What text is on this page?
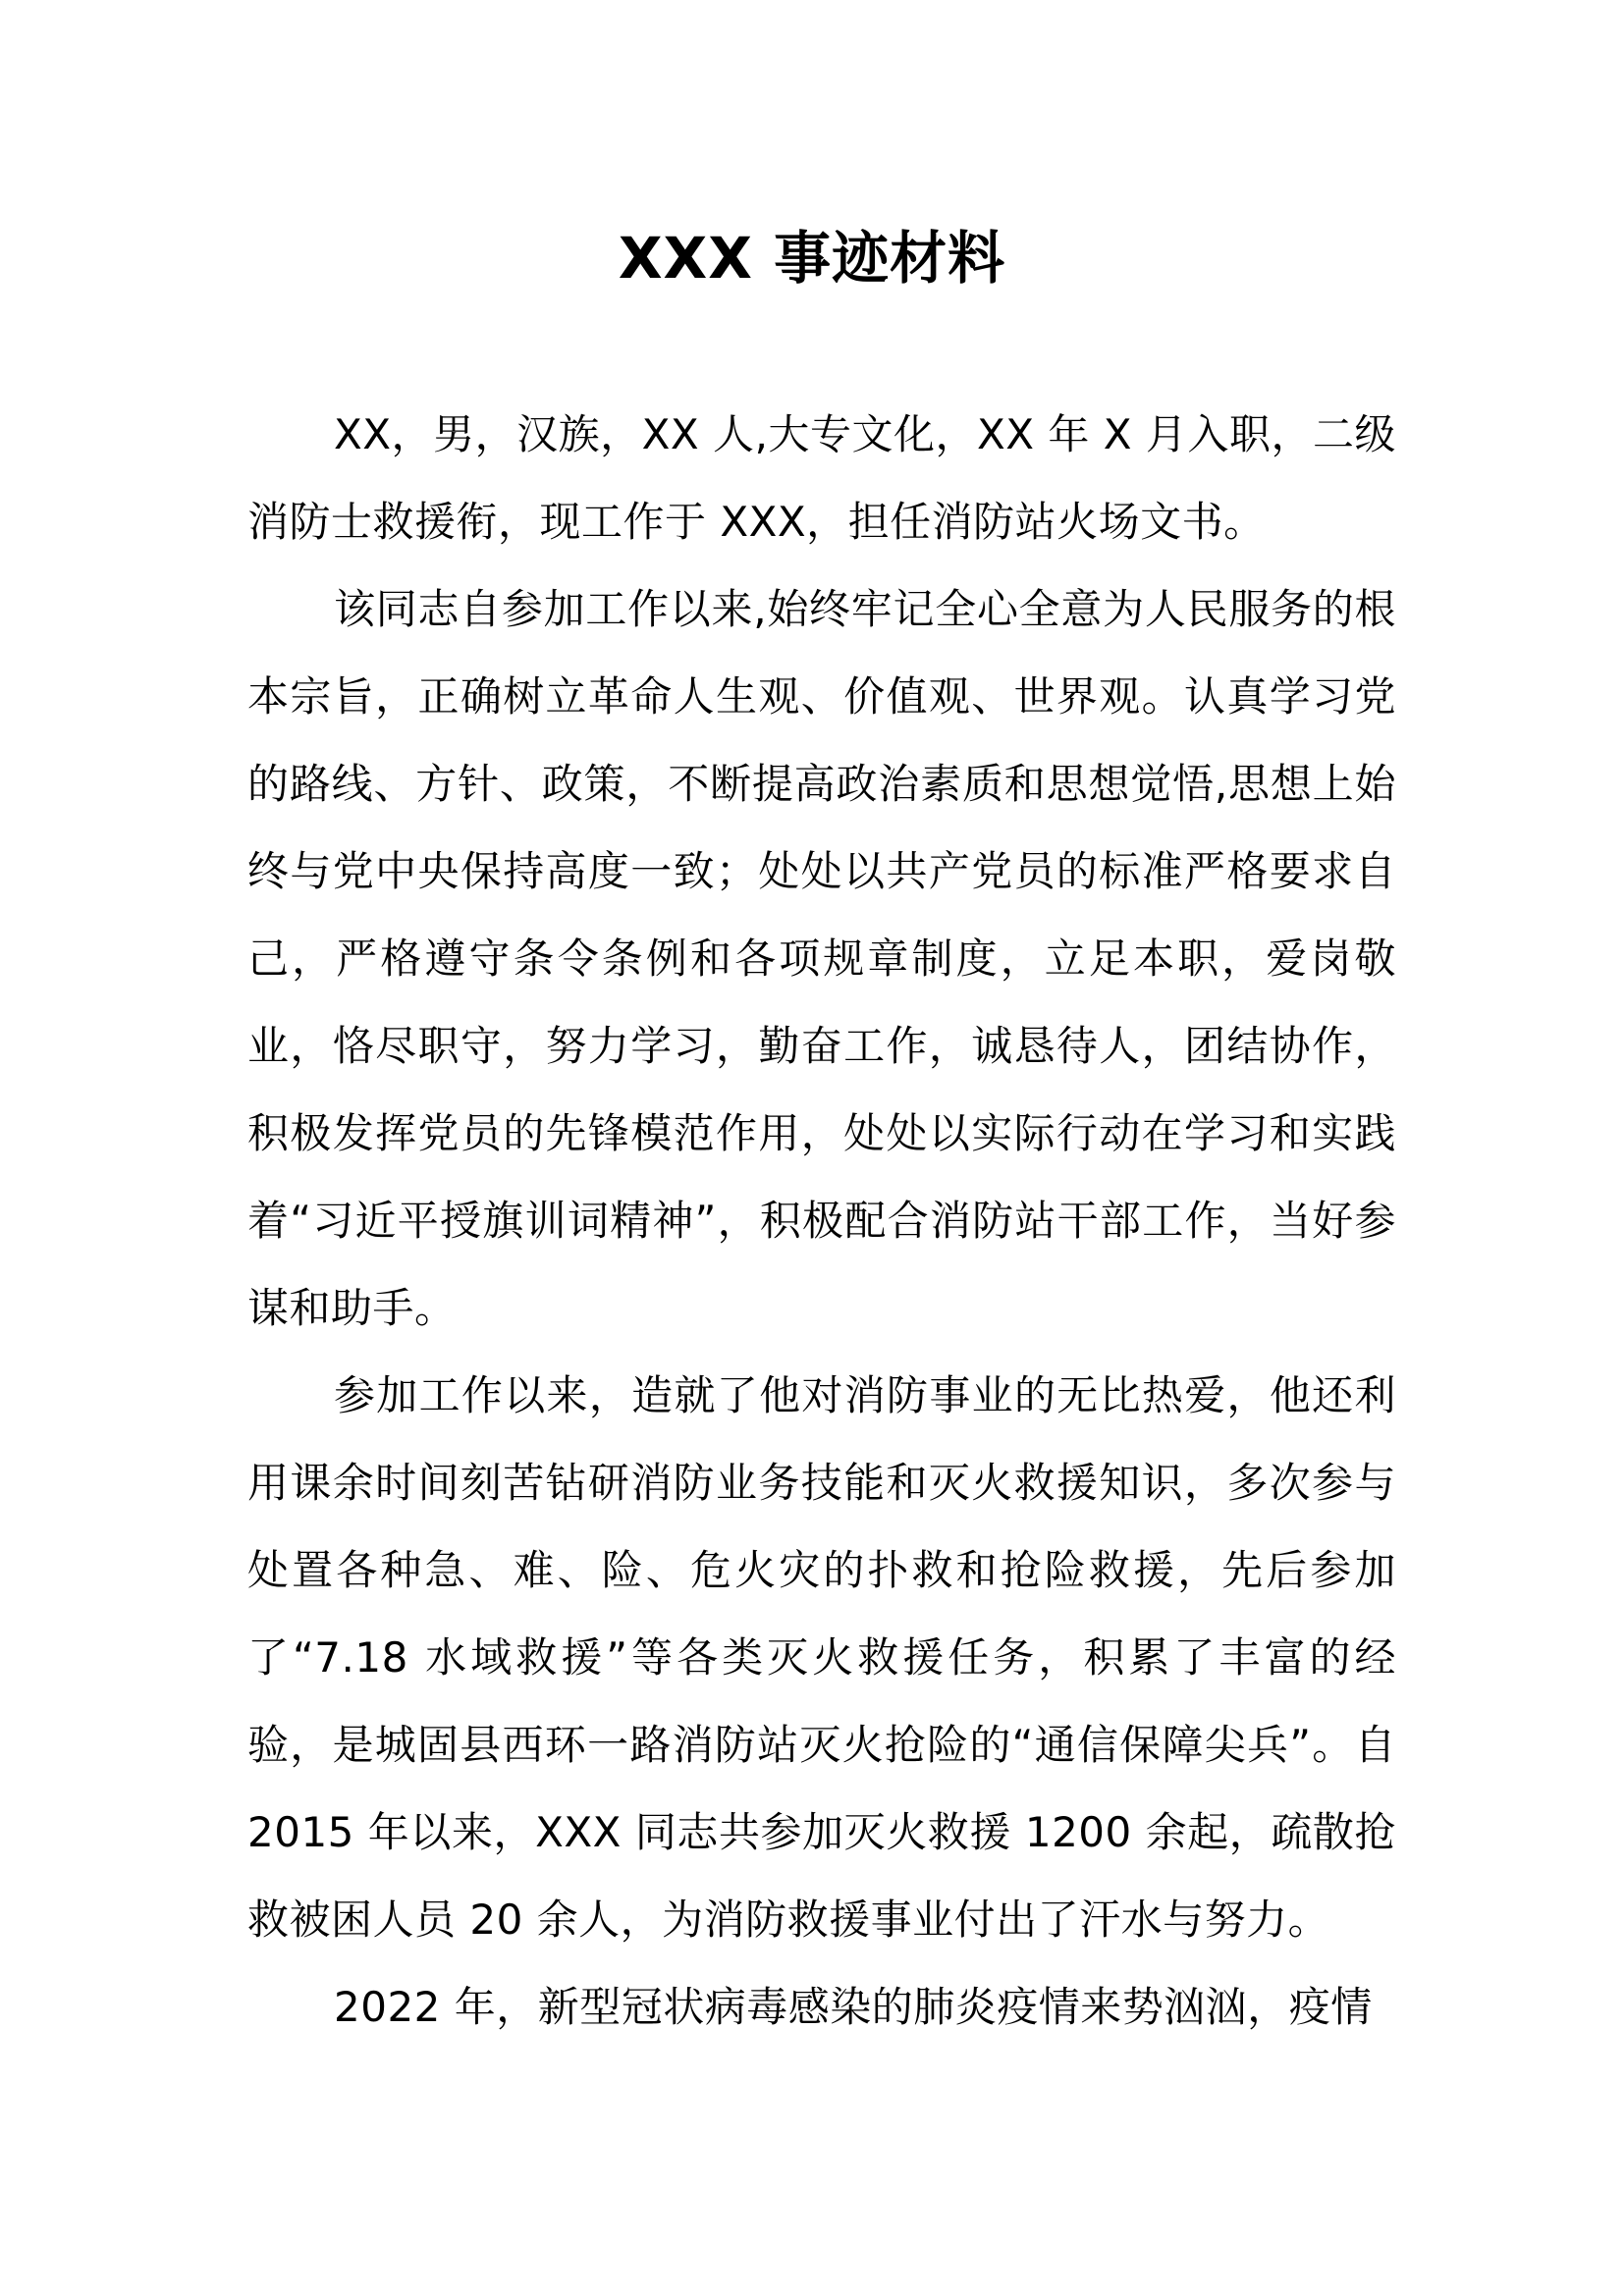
XXX 事迹材料

XX，男，汉族，XX 人,大专文化，XX 年 X 月入职，二级消防士救援衔，现工作于 XXX，担任消防站火场文书。

该同志自参加工作以来,始终牢记全心全意为人民服务的根本宗旨，正确树立革命人生观、价值观、世界观。认真学习党的路线、方针、政策，不断提高政治素质和思想觉悟,思想上始终与党中央保持高度一致；处处以共产党员的标准严格要求自己，严格遵守条令条例和各项规章制度，立足本职，爱岗敬业，恪尽职守，努力学习，勤奋工作，诚恳待人，团结协作，积极发挥党员的先锋模范作用，处处以实际行动在学习和实践着“习近平授旗训词精神”，积极配合消防站干部工作，当好参谋和助手。

参加工作以来，造就了他对消防事业的无比热爱，他还利用课余时间刻苦钻研消防业务技能和灭火救援知识，多次参与处置各种急、难、险、危火灾的扑救和抢险救援，先后参加了“7.18 水域救援”等各类灭火救援任务，积累了丰富的经验，是城固县西环一路消防站灭火抢险的“通信保障尖兵”。自 2015 年以来，XXX 同志共参加灭火救援 1200 余起，疏散抢救被困人员 20 余人，为消防救援事业付出了汗水与努力。

2022 年，新型冠状病毒感染的肺炎疫情来势汹汹，疫情
